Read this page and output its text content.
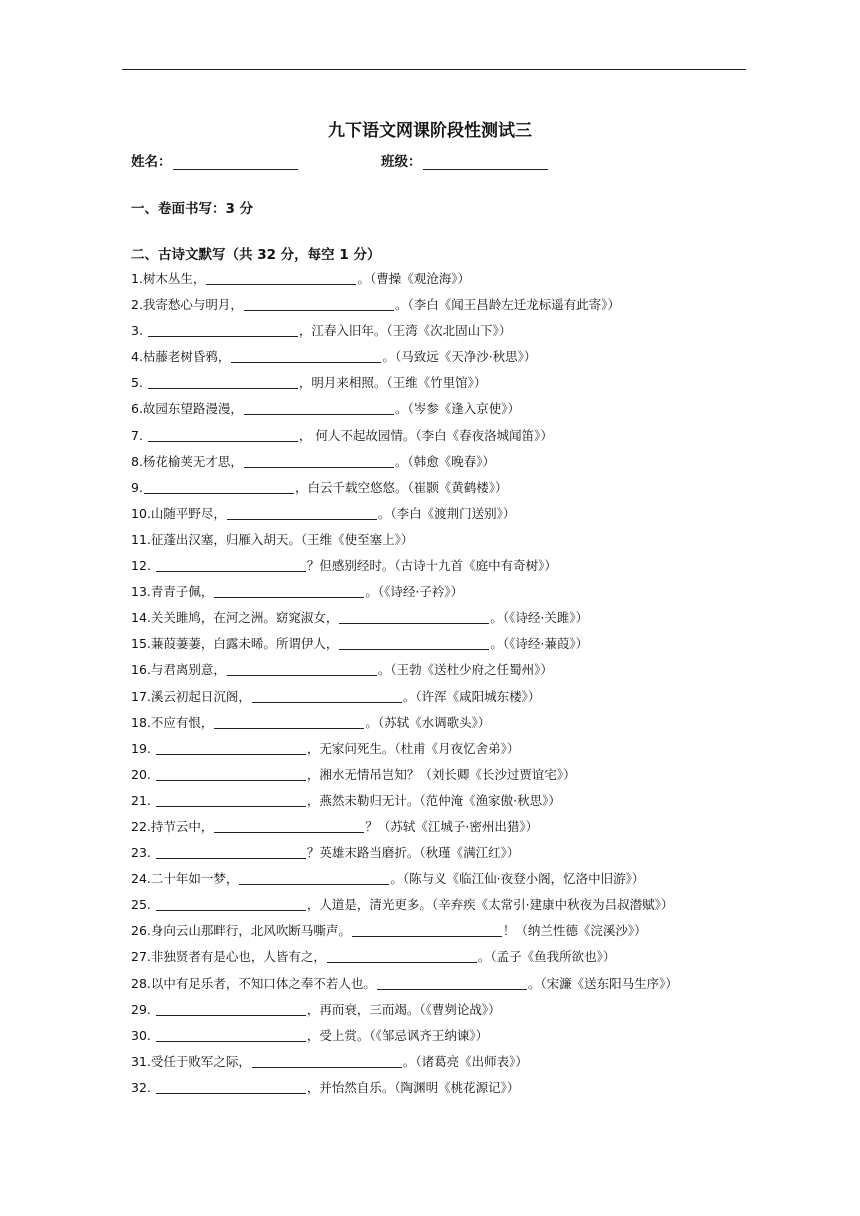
九下语文网课阶段性测试三
姓名：	班级：
一、卷面书写：3 分
二、古诗文默写（共 32 分，每空 1 分）
1.树木丛生，	。（曹操《观沧海》）
2.我寄愁心与明月，	。（李白《闻王昌龄左迁龙标遥有此寄》）
3.	，江春入旧年。（王湾《次北固山下》）
4.枯藤老树昏鸦，	。（马致远《天净沙·秋思》）
5.	，明月来相照。（王维《竹里馆》）
6.故园东望路漫漫，	。（岑参《逢入京使》）
7.	， 何人不起故园情。（李白《春夜洛城闻笛》）
8.杨花榆荚无才思，	。（韩愈《晚春》）
9.	，白云千载空悠悠。（崔颢《黄鹤楼》）
10.山随平野尽，	。（李白《渡荆门送别》）
11.征蓬出汉塞，归雁入胡天。（王维《使至塞上》）
12.	？但感别经时。（古诗十九首《庭中有奇树》）
13.青青子佩，	。（《诗经·子衿》）
14.关关雎鸠，在河之洲。窈窕淑女，	。（《诗经·关雎》）
15.蒹葭萋萋，白露未晞。所谓伊人，	。（《诗经·蒹葭》）
16.与君离别意，	。（王勃《送杜少府之任蜀州》）
17.溪云初起日沉阁，	。（许浑《咸阳城东楼》）
18.不应有恨，	。（苏轼《水调歌头》）
19.	，无家问死生。（杜甫《月夜忆舍弟》）
20.	，湘水无情吊岂知？（刘长卿《长沙过贾谊宅》）
21.	，燕然未勒归无计。（范仲淹《渔家傲·秋思》）
22.持节云中，	？（苏轼《江城子·密州出猎》）
23.	？英雄末路当磨折。（秋瑾《满江红》）
24.二十年如一梦，	。（陈与义《临江仙·夜登小阁，忆洛中旧游》）
25.	，人道是，清光更多。（辛弃疾《太常引·建康中秋夜为吕叔潜赋》）
26.身向云山那畔行，北风吹断马嘶声。	！（纳兰性德《浣溪沙》）
27.非独贤者有是心也，人皆有之，	。（孟子《鱼我所欲也》）
28.以中有足乐者，不知口体之奉不若人也。	。（宋濂《送东阳马生序》）
29.	，再而衰，三而竭。（《曹刿论战》）
30.	，受上赏。（《邹忌讽齐王纳谏》）
31.受任于败军之际，	。（诸葛亮《出师表》）
32.	，并怡然自乐。（陶渊明《桃花源记》）
